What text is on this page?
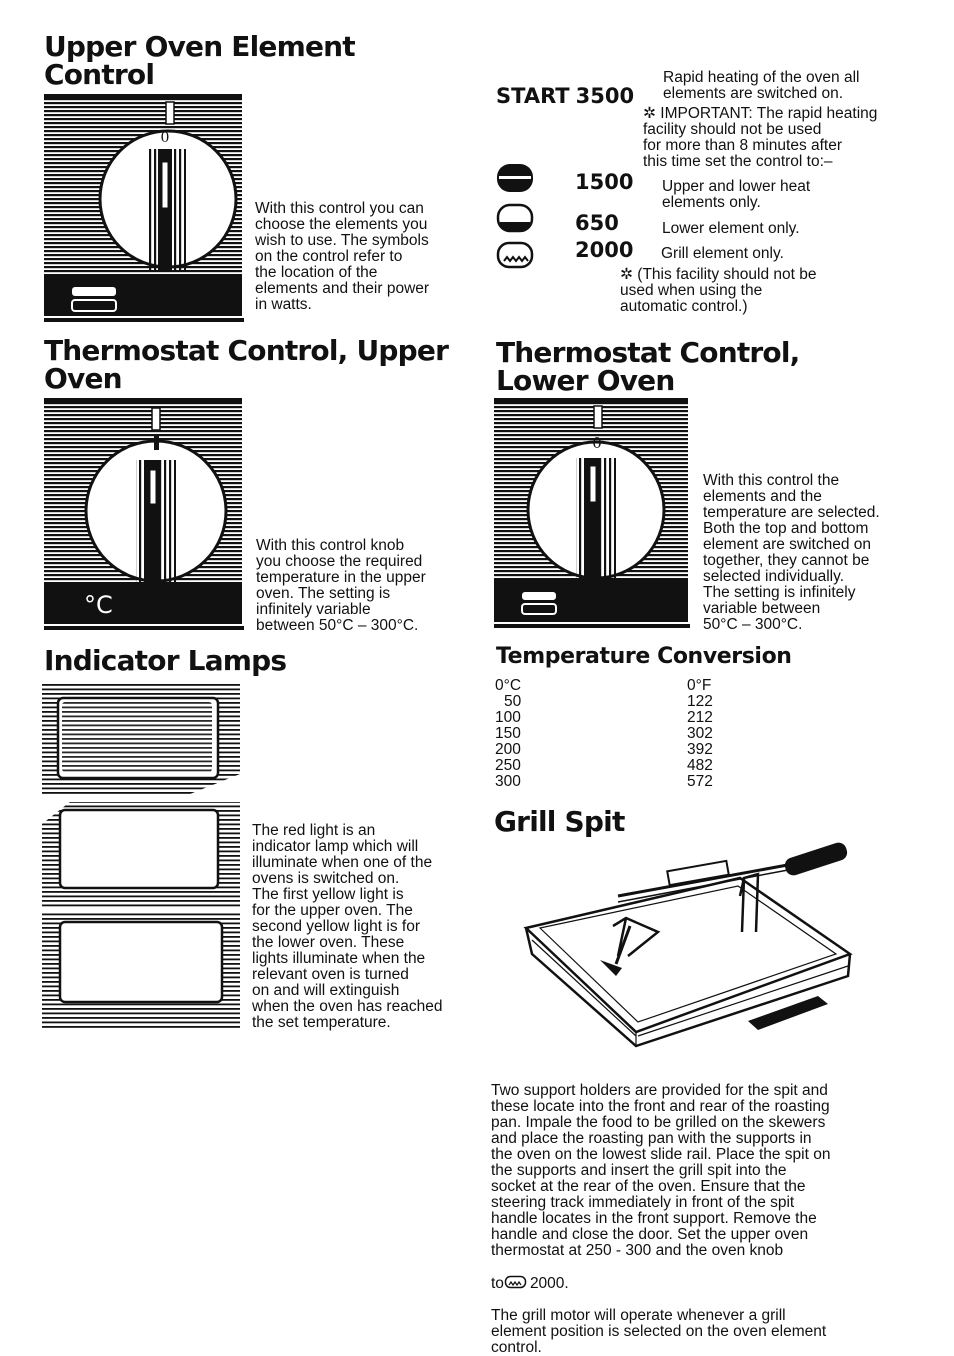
Upper Oven Element
Control
0
With this control you can
choose the elements you
wish to use. The symbols
on the control refer to
the location of the
elements and their power
in watts.
START 3500
Rapid heating of the oven all
elements are switched on.
✲ IMPORTANT: The rapid heating
facility should not be used
for more than 8 minutes after
this time set the control to:–
1500 Upper and lower heat
elements only.
650	Lower element only.
2000 Grill element only.
✲ (This facility should not be
used when using the
automatic control.)
Thermostat Control, Upper
Oven
°C
With this control knob
you choose the required
temperature in the upper
oven. The setting is
infinitely variable
between 50°C – 300°C.
Thermostat Control,
Lower Oven
0
With this control the
elements and the
temperature are selected.
Both the top and bottom
element are switched on
together, they cannot be
selected individually.
The setting is infinitely
variable between
50°C – 300°C.
Indicator Lamps
The red light is an
indicator lamp which will
illuminate when one of the
ovens is switched on.
The first yellow light is
for the upper oven. The
second yellow light is for
the lower oven. These
lights illuminate when the
relevant oven is turned
on and will extinguish
when the oven has reached
the set temperature.
Temperature Conversion
0°C	0°F
50	122
100	212
150	302
200	392
250	482
300	572
Grill Spit

Two support holders are provided for the spit and
these locate into the front and rear of the roasting
pan. Impale the food to be grilled on the skewers
and place the roasting pan with the supports in
the oven on the lowest slide rail. Place the spit on
the supports and insert the grill spit into the
socket at the rear of the oven. Ensure that the
steering track immediately in front of the spit
handle locates in the front support. Remove the
handle and close the door. Set the upper oven
thermostat at 250 - 300 and the oven knob

to 2000.

The grill motor will operate whenever a grill
element position is selected on the oven element
control.
